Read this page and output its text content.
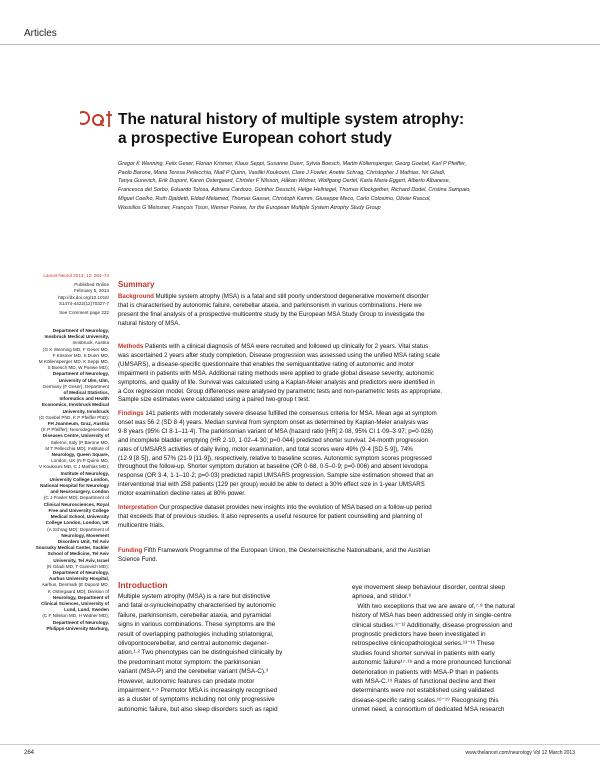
Articles
The natural history of multiple system atrophy:
a prospective European cohort study
Gregor K Wenning, Felix Geser, Florian Krismer, Klaus Seppi, Susanne Duerr, Sylvia Boesch, Martin Köllensperger, Georg Goebel, Karl P Pfeiffer,
Paolo Barone, Maria Teresa Pellecchia, Niall P Quinn, Vasiliki Koukouni, Clare J Fowler, Anette Schrag, Christopher J Mathias, Nir Giladi,
Tanya Gurevich, Erik Dupont, Karen Ostergaard, Christer F Nilsson, Håkan Widner, Wolfgang Oertel, Karla Maria Eggert, Alberto Albanese,
Francesca del Sorbo, Eduardo Tolosa, Adriana Cardozo, Günther Deuschl, Helge Hellriegel, Thomas Klockgether, Richard Dodel, Cristina Sampaio,
Miguel Coelho, Ruth Djaldetti, Eldad Melamed, Thomas Gasser, Christoph Kamm, Giuseppe Meco, Carlo Colosimo, Olivier Rascol,
Wassilios G Meissner, François Tison, Werner Poewe, for the European Multiple System Atrophy Study Group
Lancet Neurol 2013; 12: 264–74
Published Online
February 5, 2013
http://dx.doi.org/10.1016/
S1474-4422(12)70327-7
See Comment page 222
Department of Neurology,
Innsbruck Medical University,
Innsbruck, Austria
(G K Wenning MD, F Geser MD,
F Krismer MD, S Duerr MD,
M Köllensperger MD, K Seppi MD,
S Boesch MD, W Poewe MD);
Department of Neurology,
University of Ulm, Ulm,
Germany (F Geser); Department
of Medical Statistics,
Informatics and Health
Economics, Innsbruck Medical
University, Innsbruck
(G Goebel PhD, K P Pfeiffer PhD);
FH Joanneum, Graz, Austria
(K P Pfeiffer); Neurodegenerative
Diseases Centre, University of
Salerno, Italy (P Barone MD,
M T Pellecchia MD); Institute of
Neurology, Queen Square,
London, UK (N P Quinn MD,
V Koukouni MD, C J Mathias MD);
Institute of Neurology,
University College London,
National Hospital for Neurology
and Neurosurgery, London
(C J Fowler MD); Department of
Clinical Neurosciences, Royal
Free and University College
Medical School, University
College London, London, UK
(A Schrag MD); Department of
Neurology, Movement
Disorders Unit, Tel Aviv
Sourasky Medical Center, Sackler
School of Medicine, Tel Aviv
University, Tel Aviv, Israel
(N Giladi MD, T Gurevich MD);
Department of Neurology,
Aarhus University Hospital,
Aarhus, Denmark (E Dupont MD,
K Ostergaard MD); Division of
Neurology, Department of
Clinical Sciences, University of
Lund, Lund, Sweden
(C F Nilsson MD, H Widner MD);
Department of Neurology,
Philipps-University Marburg,
Summary
Background Multiple system atrophy (MSA) is a fatal and still poorly understood degenerative movement disorder
that is characterised by autonomic failure, cerebellar ataxia, and parkinsonism in various combinations. Here we
present the final analysis of a prospective multicentre study by the European MSA Study Group to investigate the
natural history of MSA.
Methods Patients with a clinical diagnosis of MSA were recruited and followed up clinically for 2 years. Vital status
was ascertained 2 years after study completion. Disease progression was assessed using the unified MSA rating scale
(UMSARS), a disease-specific questionnaire that enables the semiquantitative rating of autonomic and motor
impairment in patients with MSA. Additional rating methods were applied to grade global disease severity, autonomic
symptoms, and quality of life. Survival was calculated using a Kaplan-Meier analysis and predictors were identified in
a Cox regression model. Group differences were analysed by parametric tests and non-parametric tests as appropriate.
Sample size estimates were calculated using a paired two-group t test.
Findings 141 patients with moderately severe disease fulfilled the consensus criteria for MSA. Mean age at symptom
onset was 56·2 (SD 8·4) years. Median survival from symptom onset as determined by Kaplan-Meier analysis was
9·8 years (95% CI 8·1–11·4). The parkinsonian variant of MSA (hazard ratio [HR] 2·08, 95% CI 1·09–3·97; p=0·026)
and incomplete bladder emptying (HR 2·10, 1·02–4·30; p=0·044) predicted shorter survival. 24-month progression
rates of UMSARS activities of daily living, motor examination, and total scores were 49% (9·4 [SD 5·9]), 74%
(12·9 [8·5]), and 57% (21·9 [11·9]), respectively, relative to baseline scores. Autonomic symptom scores progressed
throughout the follow-up. Shorter symptom duration at baseline (OR 0·68, 0·5–0·9; p=0·006) and absent levodopa
response (OR 3·4, 1·1–10·2; p=0·03) predicted rapid UMSARS progression. Sample size estimation showed that an
interventional trial with 258 patients (129 per group) would be able to detect a 30% effect size in 1-year UMSARS
motor examination decline rates at 80% power.
Interpretation Our prospective dataset provides new insights into the evolution of MSA based on a follow-up period
that exceeds that of previous studies. It also represents a useful resource for patient counselling and planning of
multicentre trials.
Funding Fifth Framework Programme of the European Union, the Oesterreichische Nationalbank, and the Austrian
Science Fund.
Introduction
Multiple system atrophy (MSA) is a rare but distinctive
and fatal α-synucleinopathy characterised by autonomic
failure, parkinsonism, cerebellar ataxia, and pyramidal
signs in various combinations. These symptoms are the
result of overlapping pathologies including striatonigral,
olivopontocerebellar, and central autonomic degener-
ation.¹·² Two phenotypes can be distinguished clinically by
the predominant motor symptom: the parkinsonian
variant (MSA-P) and the cerebellar variant (MSA-C).³
However, autonomic features can predate motor
impairment.⁴·⁵ Premotor MSA is increasingly recognised
as a cluster of symptoms including not only progressive
autonomic failure, but also sleep disorders such as rapid
eye movement sleep behaviour disorder, central sleep
apnoea, and stridor.⁶
With two exceptions that we are aware of,⁷·⁸ the natural
history of MSA has been addressed only in single-centre
clinical studies.⁹⁻¹² Additionally, disease progression and
prognostic predictors have been investigated in
retrospective clinicopathological series.¹³⁻¹⁶ These
studies found shorter survival in patients with early
autonomic failure¹⁷·¹⁸ and a more pronounced functional
deterioration in patients with MSA-P than in patients
with MSA-C.¹⁹ Rates of functional decline and their
determinants were not established using validated
disease-specific rating scales.¹⁶⁻¹⁹ Recognising this
unmet need, a consortium of dedicated MSA research
264	www.thelancet.com/neurology Vol 12 March 2013
